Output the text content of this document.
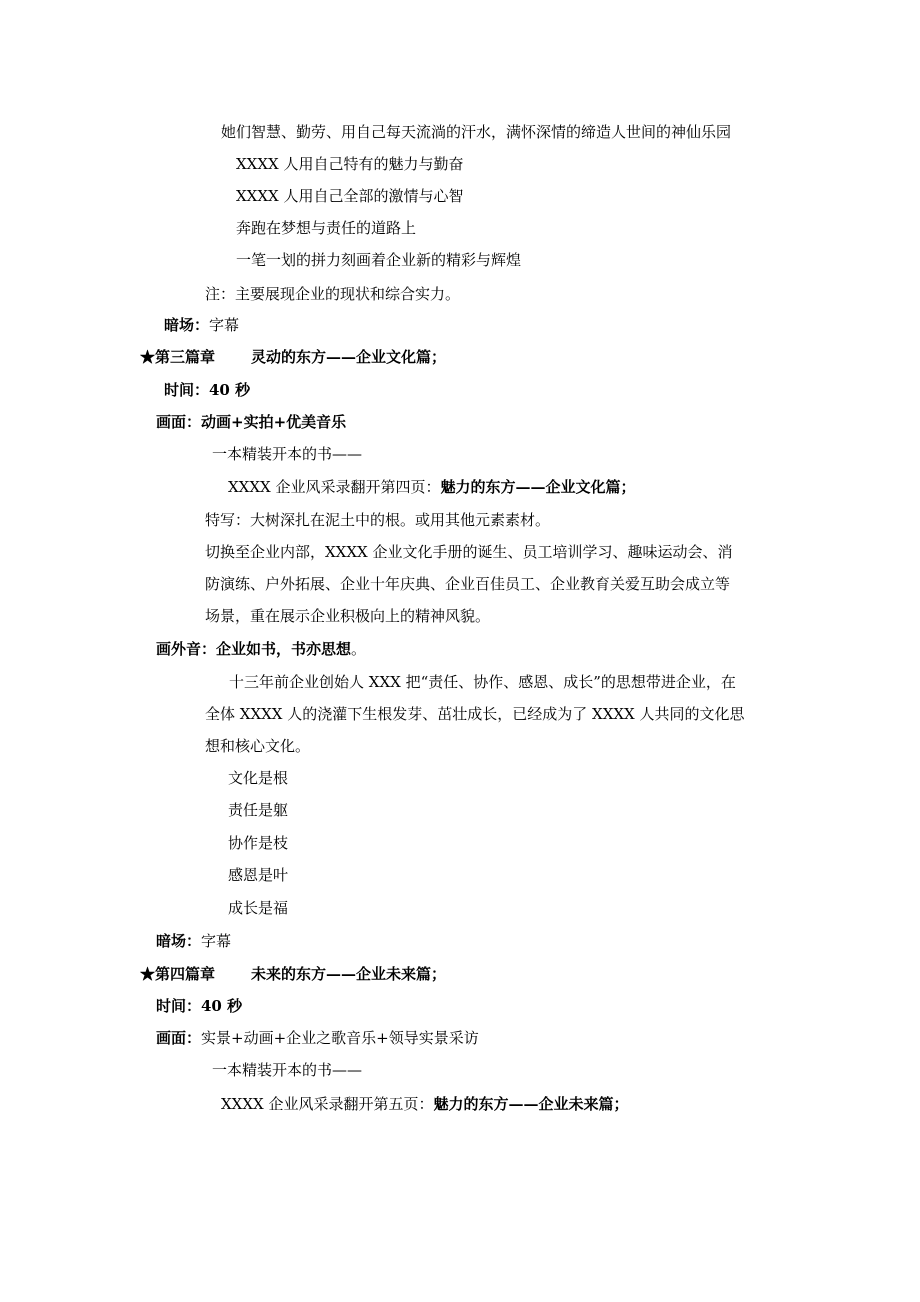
她们智慧、勤劳、用自己每天流淌的汗水，满怀深情的缔造人世间的神仙乐园
XXXX 人用自己特有的魅力与勤奋
XXXX 人用自己全部的激情与心智
奔跑在梦想与责任的道路上
一笔一划的拼力刻画着企业新的精彩与辉煌
注：主要展现企业的现状和综合实力。
暗场：字幕
★第三篇章 灵动的东方——企业文化篇；
时间：40 秒
画面：动画+实拍+优美音乐
一本精装开本的书——
XXXX 企业风采录翻开第四页：魅力的东方——企业文化篇；
特写：大树深扎在泥土中的根。或用其他元素素材。
切换至企业内部，XXXX 企业文化手册的诞生、员工培训学习、趣味运动会、消
防演练、户外拓展、企业十年庆典、企业百佳员工、企业教育关爱互助会成立等
场景，重在展示企业积极向上的精神风貌。
画外音：企业如书，书亦思想。
十三年前企业创始人 XXX 把“责任、协作、感恩、成长”的思想带进企业，在
全体 XXXX 人的浇灌下生根发芽、茁壮成长，已经成为了 XXXX 人共同的文化思
想和核心文化。
文化是根
责任是躯
协作是枝
感恩是叶
成长是福
暗场：字幕
★第四篇章 未来的东方——企业未来篇；
时间：40 秒
画面：实景+动画+企业之歌音乐+领导实景采访
一本精装开本的书——
XXXX 企业风采录翻开第五页：魅力的东方——企业未来篇；
